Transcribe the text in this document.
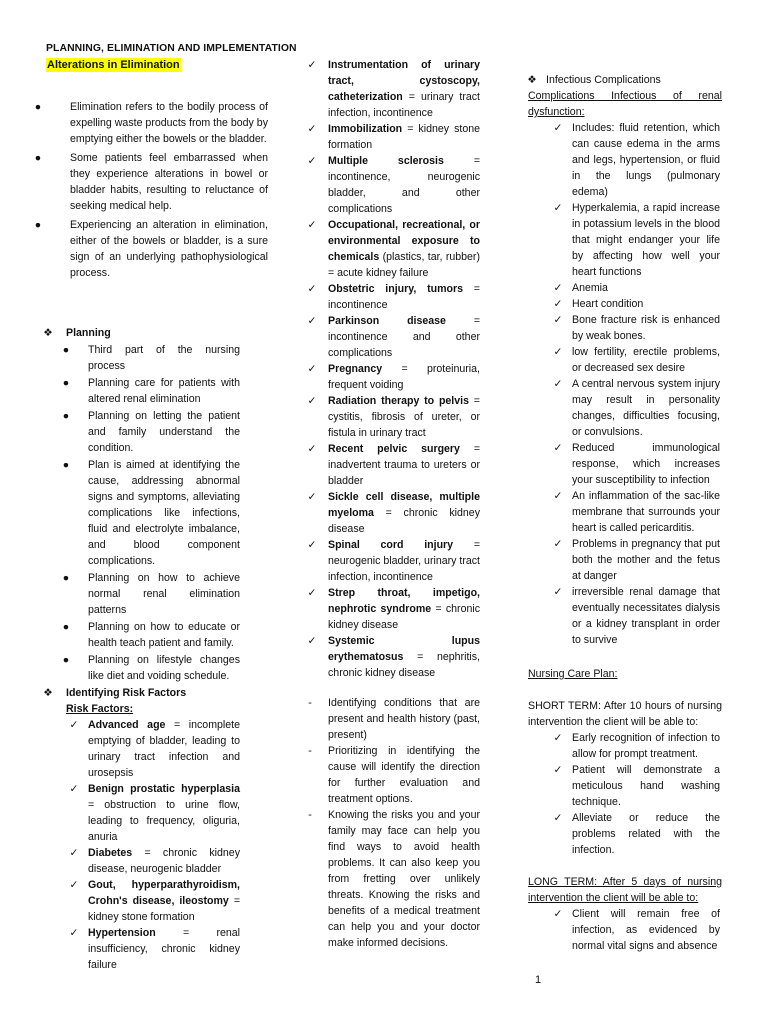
PLANNING, ELIMINATION AND IMPLEMENTATION
Alterations in Elimination
●	Elimination refers to the bodily process of expelling waste products from the body by emptying either the bowels or the bladder.

●	Some patients feel embarrassed when they experience alterations in bowel or bladder habits, resulting to reluctance of seeking medical help.

●	Experiencing an alteration in elimination, either of the bowels or bladder, is a sure sign of an underlying pathophysiological process.

❖	Planning
●	Third part of the nursing process

●	Planning care for patients with altered renal elimination

●	Planning on letting the patient and family understand the condition.

●	Plan is aimed at identifying the cause, addressing abnormal signs and symptoms, alleviating complications like infections, fluid and electrolyte imbalance, and blood component complications.

●	Planning on how to achieve normal renal elimination patterns

●	Planning on how to educate or health teach patient and family.

●	Planning on lifestyle changes like diet and voiding schedule.

❖	Identifying Risk Factors
Risk Factors:
✓ Advanced age = incomplete emptying of bladder, leading to urinary tract infection and urosepsis

✓ Benign prostatic hyperplasia = obstruction to urine flow, leading to frequency, oliguria, anuria

✓ Diabetes = chronic kidney disease, neurogenic bladder

✓ Gout, hyperparathyroidism, Crohn's disease, ileostomy = kidney stone formation

✓ Hypertension	= renal insufficiency, chronic kidney failure

✓	Instrumentation of urinary tract, cystoscopy, catheterization = urinary tract infection, incontinence

✓	Immobilization = kidney stone formation

✓	Multiple sclerosis	= incontinence, neurogenic bladder, and other complications

✓	Occupational, recreational, or environmental exposure to chemicals (plastics, tar, rubber) = acute kidney failure

✓	Obstetric injury, tumors = incontinence

✓	Parkinson disease	= incontinence and other complications

✓	Pregnancy = proteinuria, frequent voiding

✓	Radiation therapy to pelvis = cystitis, fibrosis of ureter, or fistula in urinary tract

✓	Recent pelvic surgery = inadvertent trauma to ureters or bladder

✓	Sickle cell disease, multiple myeloma = chronic kidney disease

✓	Spinal cord injury = neurogenic bladder, urinary tract infection, incontinence

✓	Strep throat, impetigo, nephrotic syndrome = chronic kidney disease

✓	Systemic lupus erythematosus = nephritis, chronic kidney disease

-	Identifying conditions that are present and health history (past, present)

-	Prioritizing in identifying the cause will identify the direction for further evaluation and treatment options.

-	Knowing the risks you and your family may face can help you find ways to avoid health problems. It can also keep you from fretting over unlikely threats. Knowing the risks and benefits of a medical treatment can help you and your doctor make informed decisions.

❖ Infectious Complications

Complications Infectious of renal dysfunction:

✓ Includes: fluid retention, which can cause edema in the arms and legs, hypertension, or fluid in the lungs (pulmonary edema)

✓ Hyperkalemia, a rapid increase in potassium levels in the blood that might endanger your life by affecting how well your heart functions

✓ Anemia

✓ Heart condition

✓ Bone fracture risk is enhanced by weak bones.

✓ low fertility, erectile problems, or decreased sex desire

✓ A central nervous system injury may result in personality changes, difficulties focusing, or convulsions.

✓ Reduced immunological response, which increases your susceptibility to infection

✓ An inflammation of the sac-like membrane that surrounds your heart is called pericarditis.

✓ Problems in pregnancy that put both the mother and the fetus at danger

✓ irreversible renal damage that eventually necessitates dialysis or a kidney transplant in order to survive

Nursing Care Plan:

SHORT TERM: After 10 hours of nursing intervention the client will be able to:

✓ Early recognition of infection to allow for prompt treatment.

✓ Patient will demonstrate a meticulous hand washing technique.

✓ Alleviate or reduce the problems related with the infection.

LONG TERM: After 5 days of nursing intervention the client will be able to:

✓ Client will remain free of infection, as evidenced by normal vital signs and absence

1
